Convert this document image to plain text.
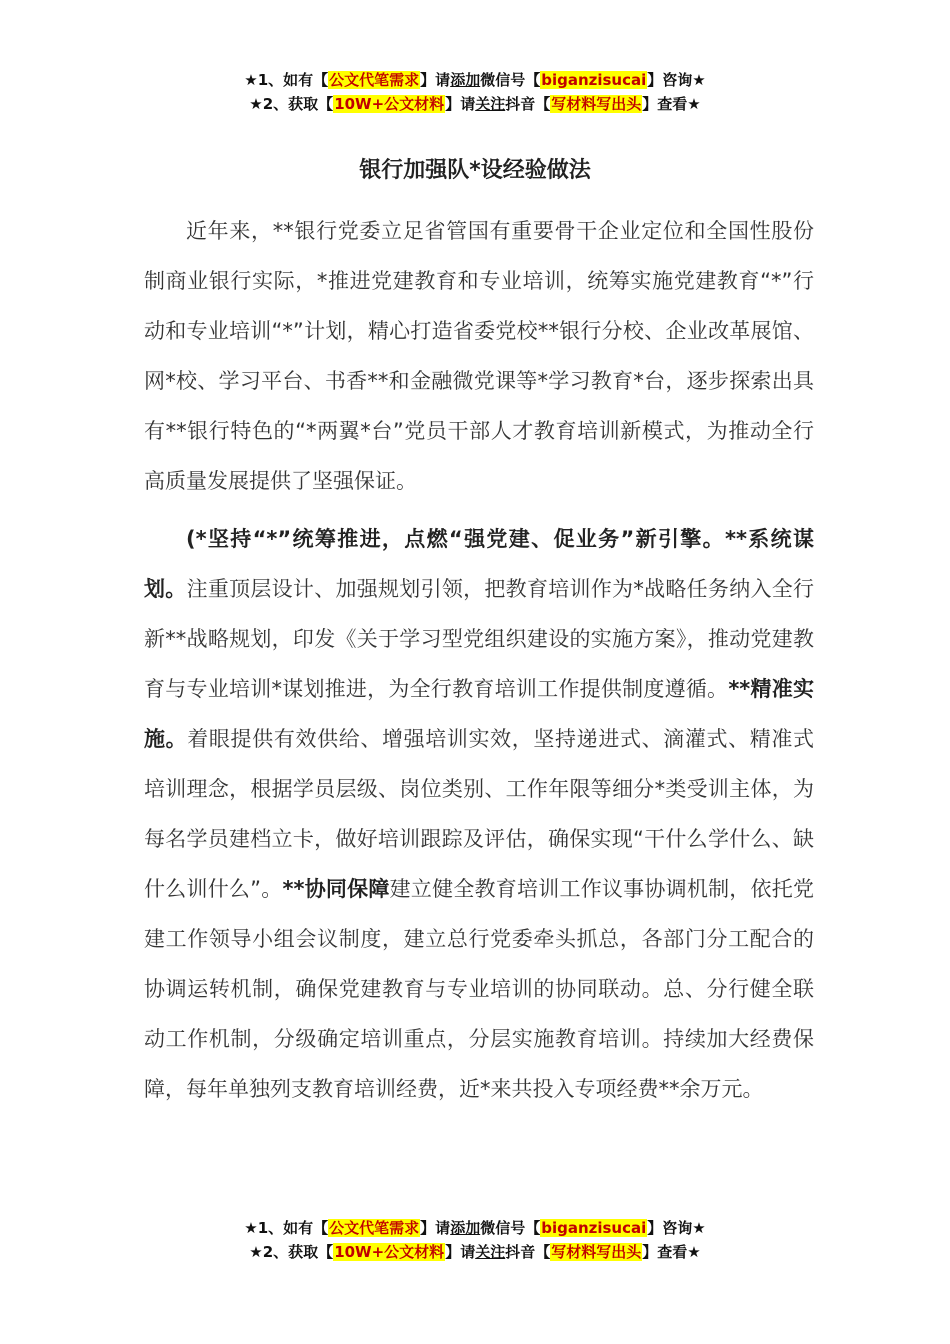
★1、如有【公文代笔需求】请添加微信号【biganzisucai】咨询★
★2、获取【10W+公文材料】请关注抖音【写材料写出头】查看★
银行加强队*设经验做法

近年来，**银行党委立足省管国有重要骨干企业定位和全国性股份制商业银行实际，*推进党建教育和专业培训，统筹实施党建教育“*”行动和专业培训“*”计划，精心打造省委党校**银行分校、企业改革展馆、网*校、学习平台、书香**和金融微党课等*学习教育*台，逐步探索出具有**银行特色的“*两翼*台”党员干部人才教育培训新模式，为推动全行高质量发展提供了坚强保证。

(*坚持“*”统筹推进，点燃“强党建、促业务”新引擎。**系统谋划。注重顶层设计、加强规划引领，把教育培训作为*战略任务纳入全行新**战略规划，印发《关于学习型党组织建设的实施方案》，推动党建教育与专业培训*谋划推进，为全行教育培训工作提供制度遵循。**精准实施。着眼提供有效供给、增强培训实效，坚持递进式、滴灌式、精准式培训理念，根据学员层级、岗位类别、工作年限等细分*类受训主体，为每名学员建档立卡，做好培训跟踪及评估，确保实现“干什么学什么、缺什么训什么”。**协同保障建立健全教育培训工作议事协调机制，依托党建工作领导小组会议制度，建立总行党委牵头抓总，各部门分工配合的协调运转机制，确保党建教育与专业培训的协同联动。总、分行健全联动工作机制，分级确定培训重点，分层实施教育培训。持续加大经费保障，每年单独列支教育培训经费，近*来共投入专项经费**余万元。

★1、如有【公文代笔需求】请添加微信号【biganzisucai】咨询★
★2、获取【10W+公文材料】请关注抖音【写材料写出头】查看★
